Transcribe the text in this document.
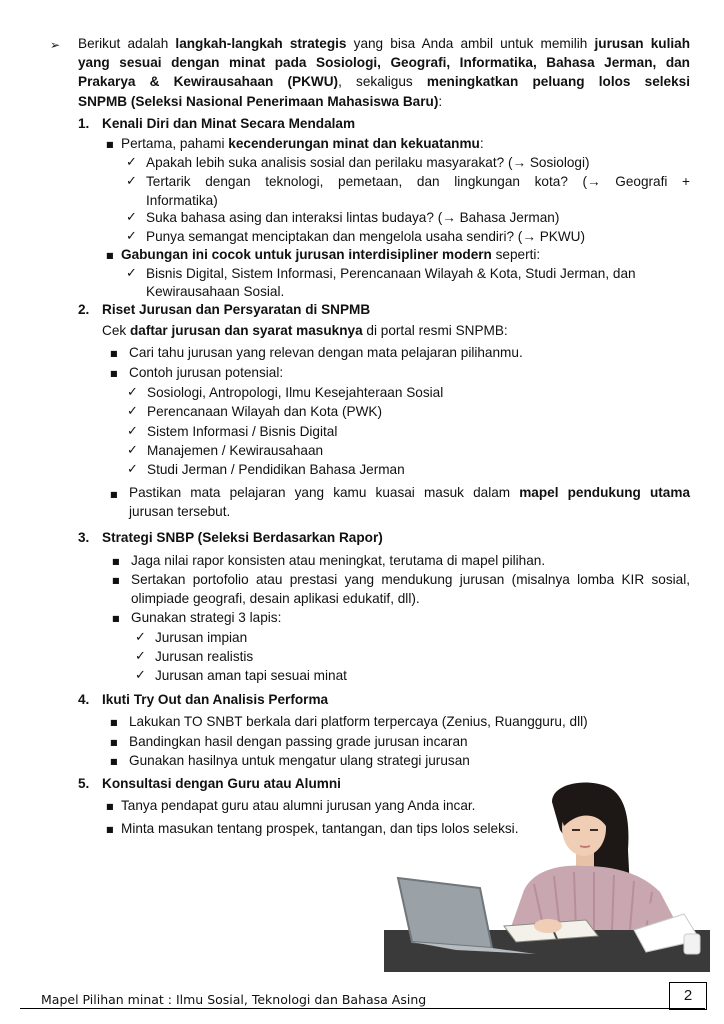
➢ Berikut adalah langkah-langkah strategis yang bisa Anda ambil untuk memilih jurusan kuliah
yang sesuai dengan minat pada Sosiologi, Geografi, Informatika, Bahasa Jerman, dan
Prakarya & Kewirausahaan (PKWU), sekaligus meningkatkan peluang lolos seleksi
SNPMB (Seleksi Nasional Penerimaan Mahasiswa Baru):
1. Kenali Diri dan Minat Secara Mendalam
■ Pertama, pahami kecenderungan minat dan kekuatanmu:
✓ Apakah lebih suka analisis sosial dan perilaku masyarakat? (→ Sosiologi)
✓ Tertarik dengan teknologi, pemetaan, dan lingkungan kota? (→ Geografi +
Informatika)
✓ Suka bahasa asing dan interaksi lintas budaya? (→ Bahasa Jerman)
✓ Punya semangat menciptakan dan mengelola usaha sendiri? (→ PKWU)
■ Gabungan ini cocok untuk jurusan interdisipliner modern seperti:
✓ Bisnis Digital, Sistem Informasi, Perencanaan Wilayah & Kota, Studi Jerman, dan
Kewirausahaan Sosial.
2. Riset Jurusan dan Persyaratan di SNPMB
Cek daftar jurusan dan syarat masuknya di portal resmi SNPMB:
■ Cari tahu jurusan yang relevan dengan mata pelajaran pilihanmu.
■ Contoh jurusan potensial:
✓ Sosiologi, Antropologi, Ilmu Kesejahteraan Sosial
✓ Perencanaan Wilayah dan Kota (PWK)
✓ Sistem Informasi / Bisnis Digital
✓ Manajemen / Kewirausahaan
✓ Studi Jerman / Pendidikan Bahasa Jerman
■ Pastikan mata pelajaran yang kamu kuasai masuk dalam mapel pendukung utama
jurusan tersebut.
3. Strategi SNBP (Seleksi Berdasarkan Rapor)
■ Jaga nilai rapor konsisten atau meningkat, terutama di mapel pilihan.
■ Sertakan portofolio atau prestasi yang mendukung jurusan (misalnya lomba KIR sosial,
olimpiade geografi, desain aplikasi edukatif, dll).
■ Gunakan strategi 3 lapis:
✓ Jurusan impian
✓ Jurusan realistis
✓ Jurusan aman tapi sesuai minat
4. Ikuti Try Out dan Analisis Performa
■ Lakukan TO SNBT berkala dari platform terpercaya (Zenius, Ruangguru, dll)
■ Bandingkan hasil dengan passing grade jurusan incaran
■ Gunakan hasilnya untuk mengatur ulang strategi jurusan
5. Konsultasi dengan Guru atau Alumni
■ Tanya pendapat guru atau alumni jurusan yang Anda incar.
■ Minta masukan tentang prospek, tantangan, dan tips lolos seleksi.
Mapel Pilihan minat : Ilmu Sosial, Teknologi dan Bahasa Asing	2
